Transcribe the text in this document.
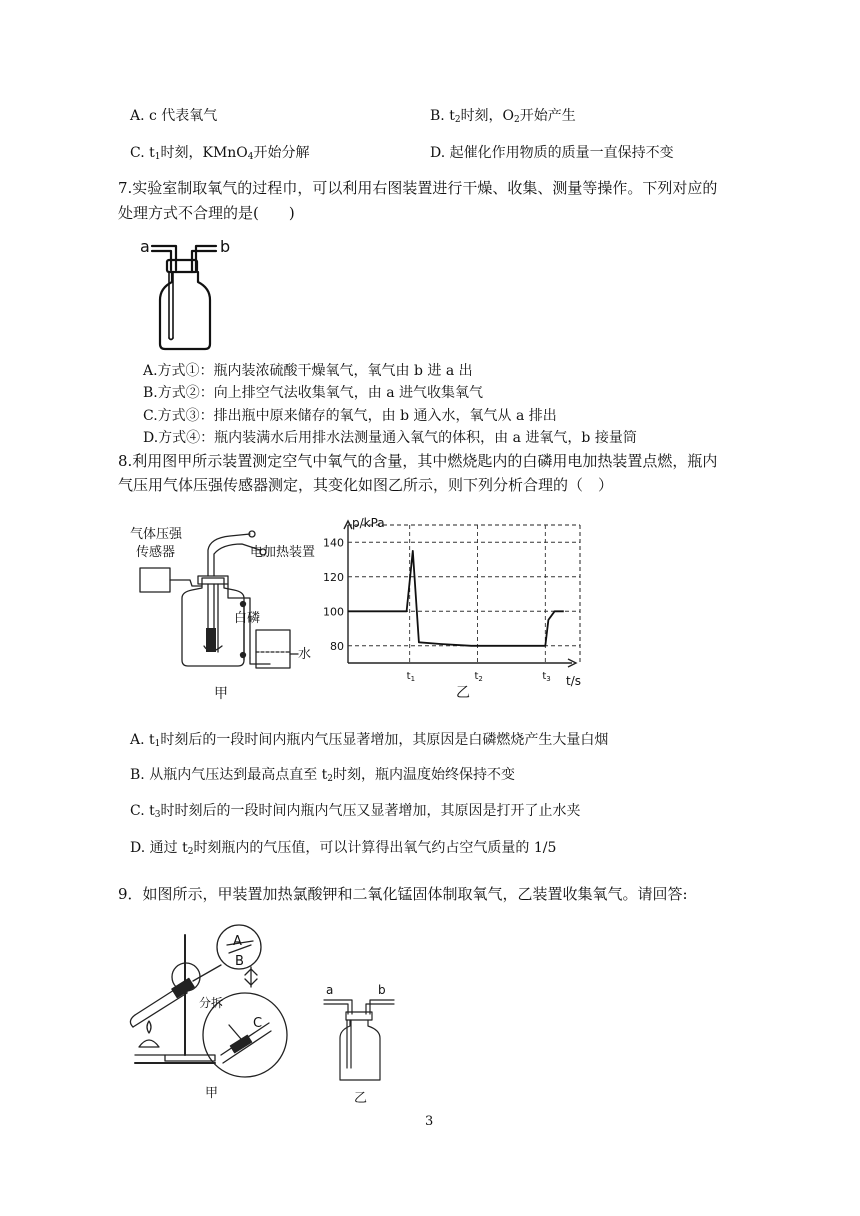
A. c 代表氧气	B. $t_2$时刻，$O_2$开始产生
C. $t_1$时刻，KMnO$_4$开始分解	D. 起催化作用物质的质量一直保持不变
7.实验室制取氧气的过程巾，可以利用右图装置进行干燥、收集、测量等操作。下列对应的
处理方式不合理的是(　　)
a	b
A.方式①：瓶内装浓硫酸干燥氧气，氧气由 b 进 a 出
B.方式②：向上排空气法收集氧气，由 a 进气收集氧气
C.方式③：排出瓶中原来储存的氧气，由 b 通入水，氧气从 a 排出
D.方式④：瓶内装满水后用排水法测量通入氧气的体积，由 a 进氧气，b 接量筒
8.利用图甲所示装置测定空气中氧气的含量，其中燃烧匙内的白磷用电加热装置点燃，瓶内
气压用气体压强传感器测定，其变化如图乙所示，则下列分析合理的（　）
气体压强
传感器	电加热装置
白磷
水
甲
140
120
100
80
$t_1$	$t_2$	$t_3$
p/kPa
t/s
乙
A. $t_1$时刻后的一段时间内瓶内气压显著增加，其原因是白磷燃烧产生大量白烟
B. 从瓶内气压达到最高点直至 $t_2$时刻，瓶内温度始终保持不变
C. $t_3$时时刻后的一段时间内瓶内气压又显著增加，其原因是打开了止水夹
D. 通过 $t_2$时刻瓶内的气压值，可以计算得出氧气约占空气质量的 1/5
9．如图所示，甲装置加热氯酸钾和二氧化锰固体制取氧气，乙装置收集氧气。请回答:
A
B
C
分拆
甲
a	b
乙
3
